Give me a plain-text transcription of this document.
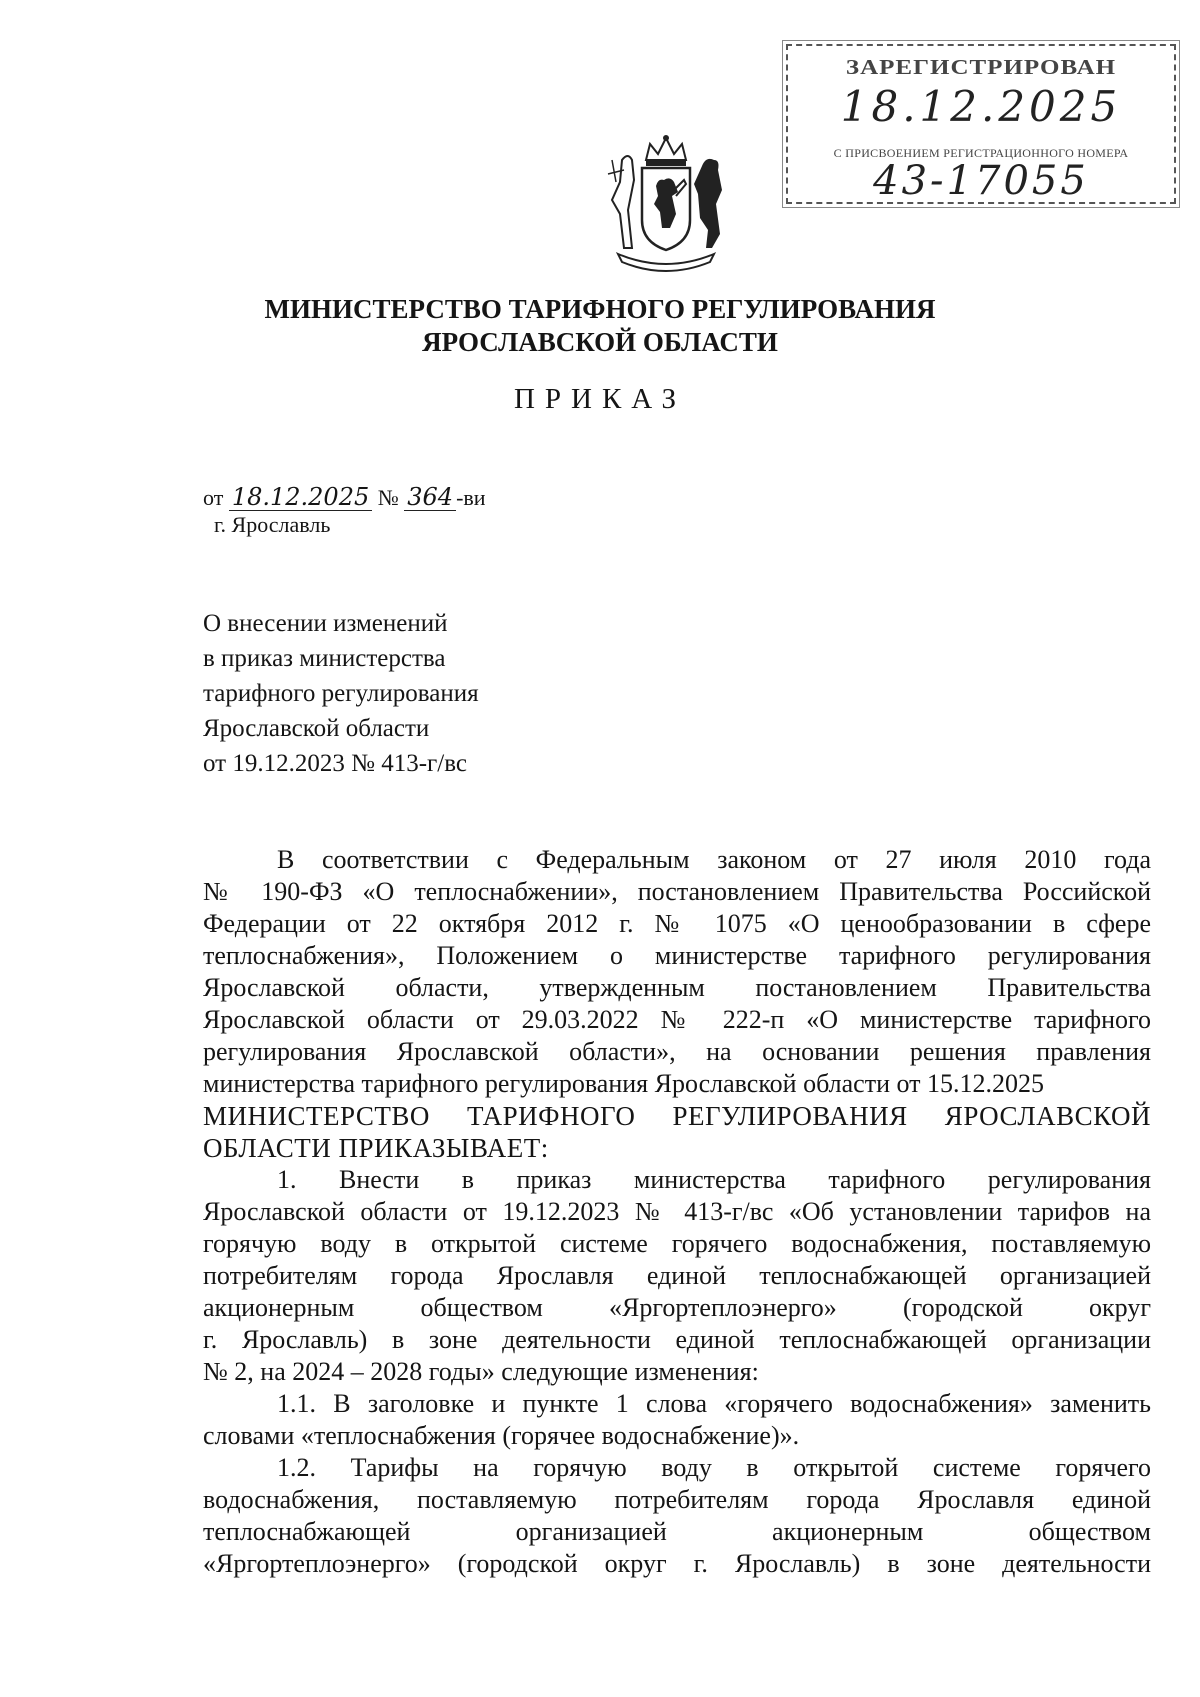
ЗАРЕГИСТРИРОВАН
18.12.2025
С ПРИСВОЕНИЕМ РЕГИСТРАЦИОННОГО НОМЕРА
43-17055
МИНИСТЕРСТВО ТАРИФНОГО РЕГУЛИРОВАНИЯ
ЯРОСЛАВСКОЙ ОБЛАСТИ
ПРИКАЗ
от 18.12.2025 № 364 -ви
г. Ярославль
О внесении изменений
в приказ министерства
тарифного регулирования
Ярославской области
от 19.12.2023 № 413-г/вс
В соответствии с Федеральным законом от 27 июля 2010 года
№ 190-ФЗ «О теплоснабжении», постановлением Правительства Российской
Федерации от 22 октября 2012 г. № 1075 «О ценообразовании в сфере
теплоснабжения», Положением о министерстве тарифного регулирования
Ярославской области, утвержденным постановлением Правительства
Ярославской области от 29.03.2022 № 222-п «О министерстве тарифного
регулирования Ярославской области», на основании решения правления
министерства тарифного регулирования Ярославской области от 15.12.2025
МИНИСТЕРСТВО ТАРИФНОГО РЕГУЛИРОВАНИЯ ЯРОСЛАВСКОЙ
ОБЛАСТИ ПРИКАЗЫВАЕТ:
1. Внести в приказ министерства тарифного регулирования
Ярославской области от 19.12.2023 № 413-г/вс «Об установлении тарифов на
горячую воду в открытой системе горячего водоснабжения, поставляемую
потребителям города Ярославля единой теплоснабжающей организацией
акционерным обществом «Яргортеплоэнерго» (городской округ
г. Ярославль) в зоне деятельности единой теплоснабжающей организации
№ 2, на 2024 – 2028 годы» следующие изменения:
1.1. В заголовке и пункте 1 слова «горячего водоснабжения» заменить
словами «теплоснабжения (горячее водоснабжение)».
1.2. Тарифы на горячую воду в открытой системе горячего
водоснабжения, поставляемую потребителям города Ярославля единой
теплоснабжающей организацией акционерным обществом
«Яргортеплоэнерго» (городской округ г. Ярославль) в зоне деятельности
